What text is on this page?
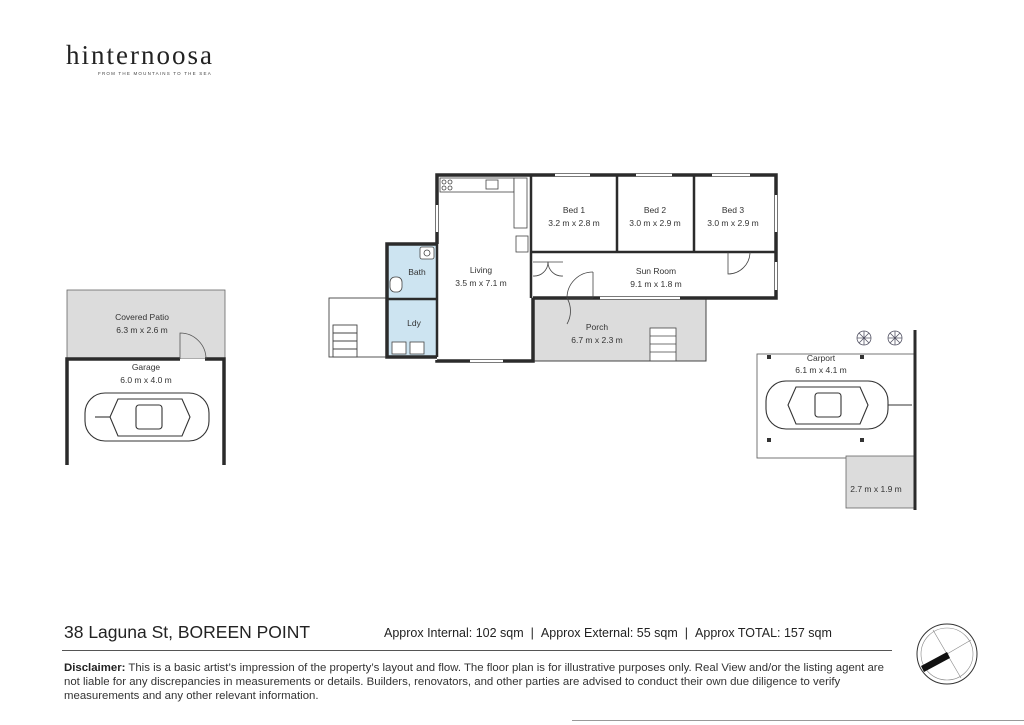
hinternoosa
FROM THE MOUNTAINS TO THE SEA
Bed 1
3.2 m x 2.8 m
Bed 2
3.0 m x 2.9 m
Bed 3
3.0 m x 2.9 m
Living
3.5 m x 7.1 m
Bath
Ldy
Sun Room
9.1 m x 1.8 m
Porch
6.7 m x 2.3 m
Covered Patio
6.3 m x 2.6 m
Garage
6.0 m x 4.0 m
Carport
6.1 m x 4.1 m
2.7 m x 1.9 m
38 Laguna St, BOREEN POINT	Approx Internal: 102 sqm | Approx External: 55 sqm | Approx TOTAL: 157 sqm
Disclaimer: This is a basic artist’s impression of the property’s layout and flow. The floor plan is for illustrative purposes only. Real View and/or the listing agent are not liable for any discrepancies in measurements or details. Builders, renovators, and other parties are advised to conduct their own due diligence to verify measurements and any other relevant information.
